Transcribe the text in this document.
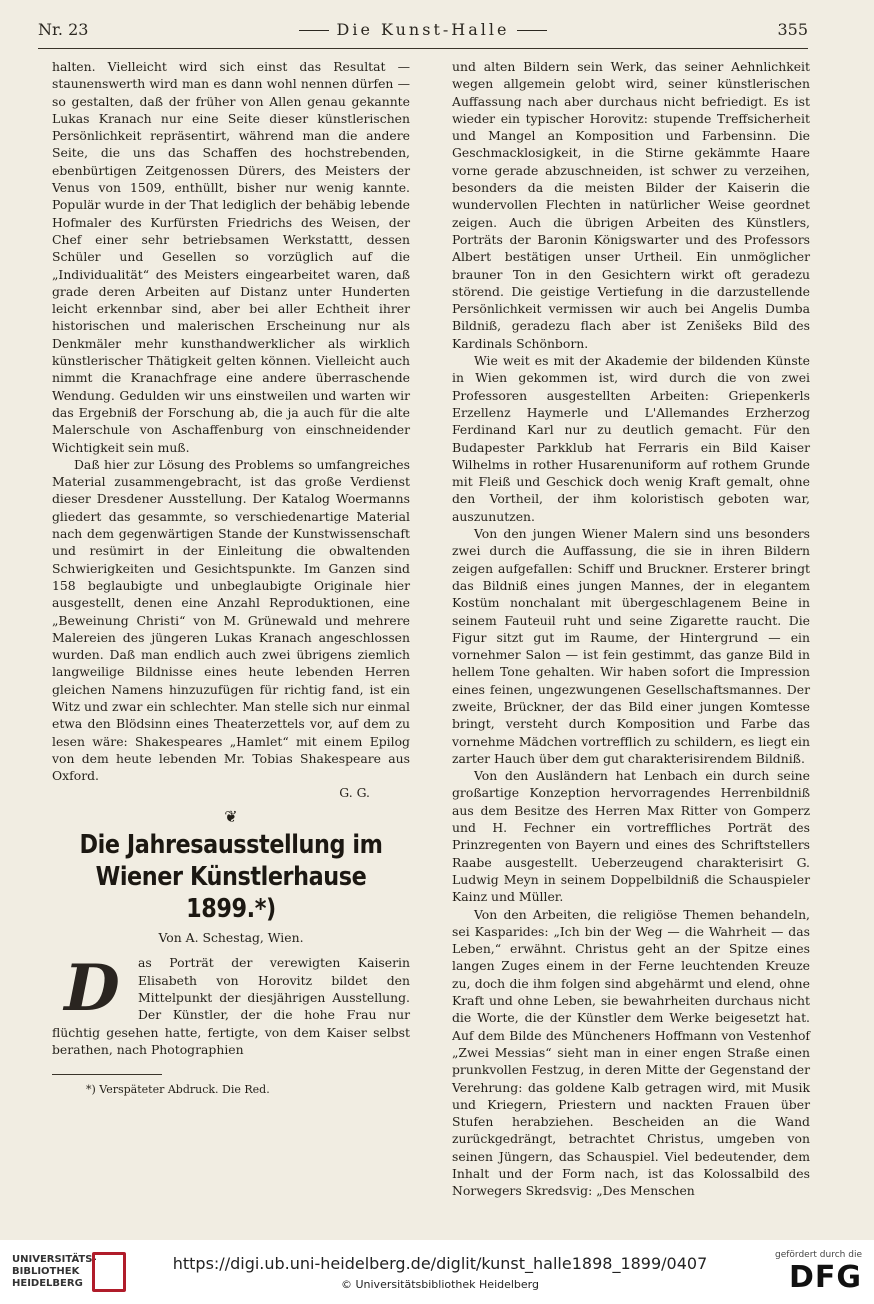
Nr. 23	Die Kunst-Halle	355

halten. Vielleicht wird sich einst das Resultat — staunenswerth wird man es dann wohl nennen dürfen — so gestalten, daß der früher von Allen genau gekannte Lukas Kranach nur eine Seite dieser künstlerischen Persönlichkeit repräsentirt, während man die andere Seite, die uns das Schaffen des hochstrebenden, ebenbürtigen Zeitgenossen Dürers, des Meisters der Venus von 1509, enthüllt, bisher nur wenig kannte. Populär wurde in der That lediglich der behäbig lebende Hofmaler des Kurfürsten Friedrichs des Weisen, der Chef einer sehr betriebsamen Werkstattt, dessen Schüler und Gesellen so vorzüglich auf die „Individualität“ des Meisters eingearbeitet waren, daß grade deren Arbeiten auf Distanz unter Hunderten leicht erkennbar sind, aber bei aller Echtheit ihrer historischen und malerischen Erscheinung nur als Denkmäler mehr kunsthandwerklicher als wirklich künstlerischer Thätigkeit gelten können. Vielleicht auch nimmt die Kranachfrage eine andere überraschende Wendung. Gedulden wir uns einstweilen und warten wir das Ergebniß der Forschung ab, die ja auch für die alte Malerschule von Aschaffenburg von einschneidender Wichtigkeit sein muß.

Daß hier zur Lösung des Problems so umfangreiches Material zusammengebracht, ist das große Verdienst dieser Dresdener Ausstellung. Der Katalog Woermanns gliedert das gesammte, so verschiedenartige Material nach dem gegenwärtigen Stande der Kunstwissenschaft und resümirt in der Einleitung die obwaltenden Schwierigkeiten und Gesichtspunkte. Im Ganzen sind 158 beglaubigte und unbeglaubigte Originale hier ausgestellt, denen eine Anzahl Reproduktionen, eine „Beweinung Christi“ von M. Grünewald und mehrere Malereien des jüngeren Lukas Kranach angeschlossen wurden. Daß man endlich auch zwei übrigens ziemlich langweilige Bildnisse eines heute lebenden Herren gleichen Namens hinzuzufügen für richtig fand, ist ein Witz und zwar ein schlechter. Man stelle sich nur einmal etwa den Blödsinn eines Theaterzettels vor, auf dem zu lesen wäre: Shakespeares „Hamlet“ mit einem Epilog von dem heute lebenden Mr. Tobias Shakespeare aus Oxford.

G. G.

❦
Die Jahresausstellung im Wiener Künstlerhause 1899.*)
Von A. Schestag, Wien.
D	as Porträt der verewigten Kaiserin Elisabeth von Horovitz bildet den Mittelpunkt der diesjährigen Ausstellung. Der Künstler, der die hohe Frau nur flüchtig gesehen hatte, fertigte, von dem Kaiser selbst berathen, nach Photographien

*) Verspäteter Abdruck. Die Red.

und alten Bildern sein Werk, das seiner Aehnlichkeit wegen allgemein gelobt wird, seiner künstlerischen Auffassung nach aber durchaus nicht befriedigt. Es ist wieder ein typischer Horovitz: stupende Treffsicherheit und Mangel an Komposition und Farbensinn. Die Geschmacklosigkeit, in die Stirne gekämmte Haare vorne gerade abzuschneiden, ist schwer zu verzeihen, besonders da die meisten Bilder der Kaiserin die wundervollen Flechten in natürlicher Weise geordnet zeigen. Auch die übrigen Arbeiten des Künstlers, Porträts der Baronin Königswarter und des Professors Albert bestätigen unser Urtheil. Ein unmöglicher brauner Ton in den Gesichtern wirkt oft geradezu störend. Die geistige Vertiefung in die darzustellende Persönlichkeit vermissen wir auch bei Angelis Dumba Bildniß, geradezu flach aber ist Zenišeks Bild des Kardinals Schönborn.

Wie weit es mit der Akademie der bildenden Künste in Wien gekommen ist, wird durch die von zwei Professoren ausgestellten Arbeiten: Griepenkerls Erzellenz Haymerle und L'Allemandes Erzherzog Ferdinand Karl nur zu deutlich gemacht. Für den Budapester Parkklub hat Ferraris ein Bild Kaiser Wilhelms in rother Husarenuniform auf rothem Grunde mit Fleiß und Geschick doch wenig Kraft gemalt, ohne den Vortheil, der ihm koloristisch geboten war, auszunutzen.

Von den jungen Wiener Malern sind uns besonders zwei durch die Auffassung, die sie in ihren Bildern zeigen aufgefallen: Schiff und Bruckner. Ersterer bringt das Bildniß eines jungen Mannes, der in elegantem Kostüm nonchalant mit übergeschlagenem Beine in seinem Fauteuil ruht und seine Zigarette raucht. Die Figur sitzt gut im Raume, der Hintergrund — ein vornehmer Salon — ist fein gestimmt, das ganze Bild in hellem Tone gehalten. Wir haben sofort die Impression eines feinen, ungezwungenen Gesellschaftsmannes. Der zweite, Brückner, der das Bild einer jungen Komtesse bringt, versteht durch Komposition und Farbe das vornehme Mädchen vortrefflich zu schildern, es liegt ein zarter Hauch über dem gut charakterisirendem Bildniß.

Von den Ausländern hat Lenbach ein durch seine großartige Konzeption hervorragendes Herrenbildniß aus dem Besitze des Herren Max Ritter von Gomperz und H. Fechner ein vortreffliches Porträt des Prinzregenten von Bayern und eines des Schriftstellers Raabe ausgestellt. Ueberzeugend charakterisirt G. Ludwig Meyn in seinem Doppelbildniß die Schauspieler Kainz und Müller.

Von den Arbeiten, die religiöse Themen behandeln, sei Kasparides: „Ich bin der Weg — die Wahrheit — das Leben,“ erwähnt. Christus geht an der Spitze eines langen Zuges einem in der Ferne leuchtenden Kreuze zu, doch die ihm folgen sind abgehärmt und elend, ohne Kraft und ohne Leben, sie bewahrheiten durchaus nicht die Worte, die der Künstler dem Werke beigesetzt hat. Auf dem Bilde des Müncheners Hoffmann von Vestenhof „Zwei Messias“ sieht man in einer engen Straße einen prunkvollen Festzug, in deren Mitte der Gegenstand der Verehrung: das goldene Kalb getragen wird, mit Musik und Kriegern, Priestern und nackten Frauen über Stufen herabziehen. Bescheiden an die Wand zurückgedrängt, betrachtet Christus, umgeben von seinen Jüngern, das Schauspiel. Viel bedeutender, dem Inhalt und der Form nach, ist das Kolossalbild des Norwegers Skredsvig: „Des Menschen

UNIVERSITÄTS-
BIBLIOTHEK
HEIDELBERG
https://digi.ub.uni-heidelberg.de/diglit/kunst_halle1898_1899/0407
© Universitätsbibliothek Heidelberg
gefördert durch die
DFG
